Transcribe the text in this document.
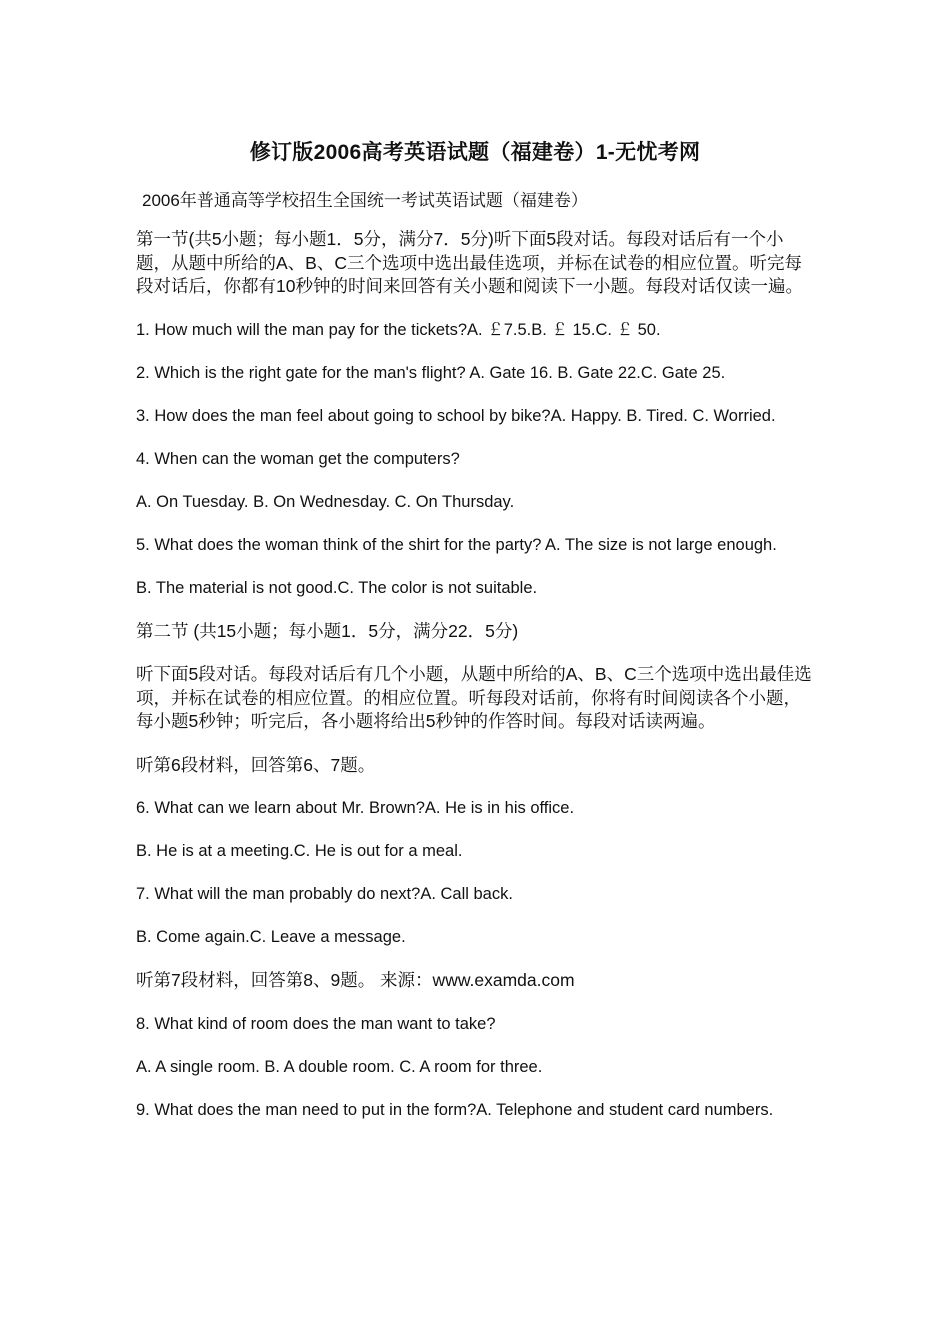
修订版2006高考英语试题（福建卷）1-无忧考网
2006年普通高等学校招生全国统一考试英语试题（福建卷）

第一节(共5小题；每小题1．5分，满分7．5分)听下面5段对话。每段对话后有一个小题，从题中所给的A、B、C三个选项中选出最佳选项，并标在试卷的相应位置。听完每段对话后，你都有10秒钟的时间来回答有关小题和阅读下一小题。每段对话仅读一遍。

1. How much will the man pay for the tickets?A. ￡7.5.B. ￡ 15.C. ￡ 50.

2. Which is the right gate for the man's flight? A. Gate 16. B. Gate 22.C. Gate 25.

3. How does the man feel about going to school by bike?A. Happy. B. Tired. C. Worried.

4. When can the woman get the computers?

A. On Tuesday. B. On Wednesday. C. On Thursday.

5. What does the woman think of the shirt for the party? A. The size is not large enough.

B. The material is not good.C. The color is not suitable.

第二节 (共15小题；每小题1．5分，满分22．5分)

听下面5段对话。每段对话后有几个小题，从题中所给的A、B、C三个选项中选出最佳选项，并标在试卷的相应位置。的相应位置。听每段对话前，你将有时间阅读各个小题，每小题5秒钟；听完后，各小题将给出5秒钟的作答时间。每段对话读两遍。

听第6段材料，回答第6、7题。

6. What can we learn about Mr. Brown?A. He is in his office.

B. He is at a meeting.C. He is out for a meal.

7. What will the man probably do next?A. Call back.

B. Come again.C. Leave a message.

听第7段材料，回答第8、9题。 来源：www.examda.com

8. What kind of room does the man want to take?

A. A single room. B. A double room. C. A room for three.

9. What does the man need to put in the form?A. Telephone and student card numbers.
